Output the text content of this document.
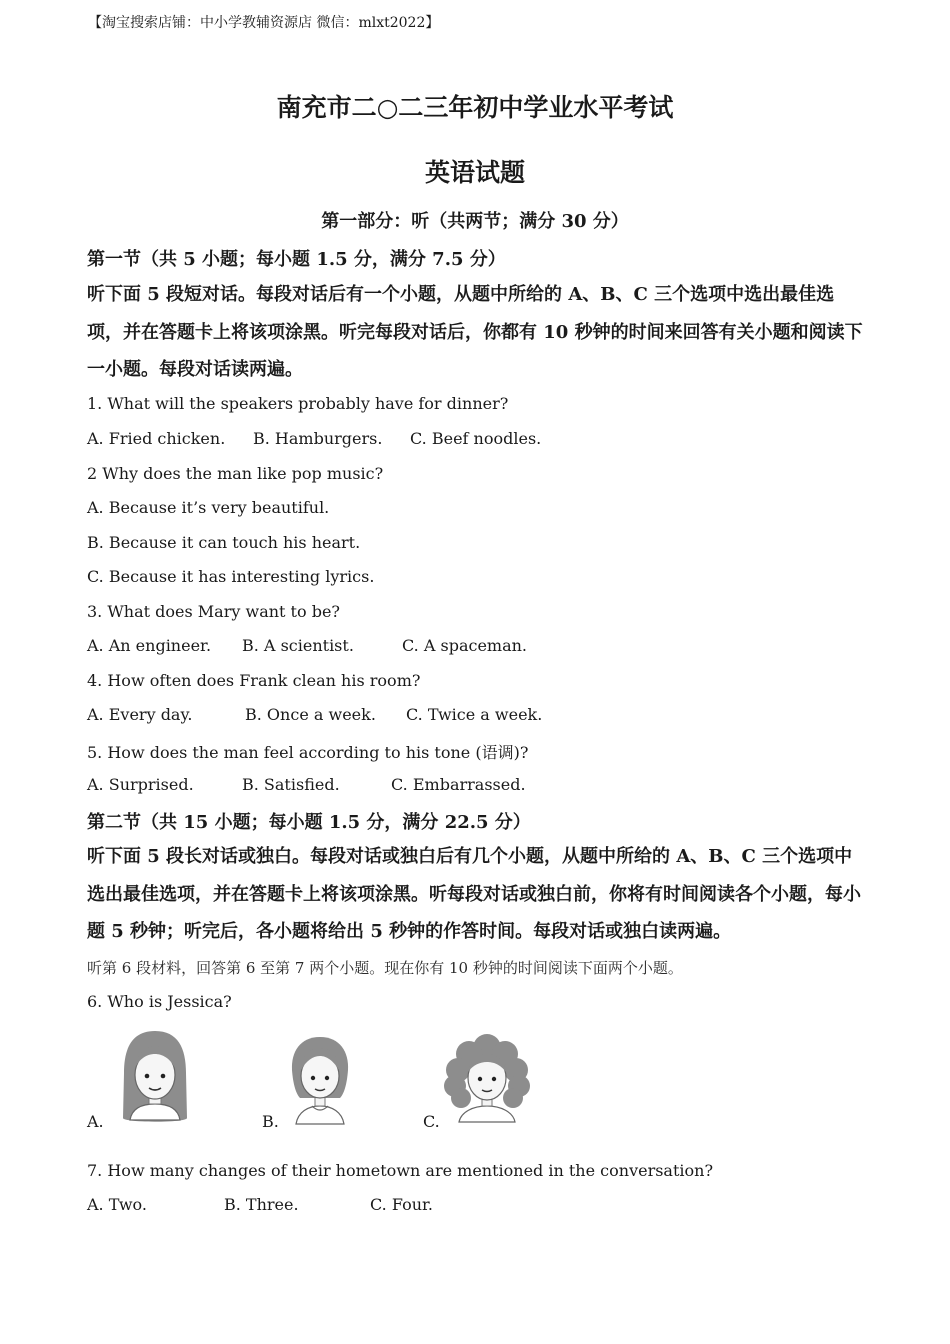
【淘宝搜索店铺：中小学教辅资源店 微信：mlxt2022】
南充市二○二三年初中学业水平考试
英语试题
第一部分：听（共两节；满分 30 分）
第一节（共 5 小题；每小题 1.5 分，满分 7.5 分）
听下面 5 段短对话。每段对话后有一个小题，从题中所给的 A、B、C 三个选项中选出最佳选项，并在答题卡上将该项涂黑。听完每段对话后，你都有 10 秒钟的时间来回答有关小题和阅读下一小题。每段对话读两遍。
1. What will the speakers probably have for dinner?
A. Fried chicken. B. Hamburgers. C. Beef noodles.
2 Why does the man like pop music?
A. Because it’s very beautiful.
B. Because it can touch his heart.
C. Because it has interesting lyrics.
3. What does Mary want to be?
A. An engineer. B. A scientist.	C. A spaceman.
4. How often does Frank clean his room?
A. Every day.	B. Once a week. C. Twice a week.
5. How does the man feel according to his tone (语调)?
A. Surprised.	B. Satisfied.	C. Embarrassed.
第二节（共 15 小题；每小题 1.5 分，满分 22.5 分）
听下面 5 段长对话或独白。每段对话或独白后有几个小题，从题中所给的 A、B、C 三个选项中选出最佳选项，并在答题卡上将该项涂黑。听每段对话或独白前，你将有时间阅读各个小题，每小题 5 秒钟；听完后，各小题将给出 5 秒钟的作答时间。每段对话或独白读两遍。
听第 6 段材料，回答第 6 至第 7 两个小题。现在你有 10 秒钟的时间阅读下面两个小题。
6. Who is Jessica?
A.	B.	C.
7. How many changes of their hometown are mentioned in the conversation?
A. Two.	B. Three.	C. Four.
